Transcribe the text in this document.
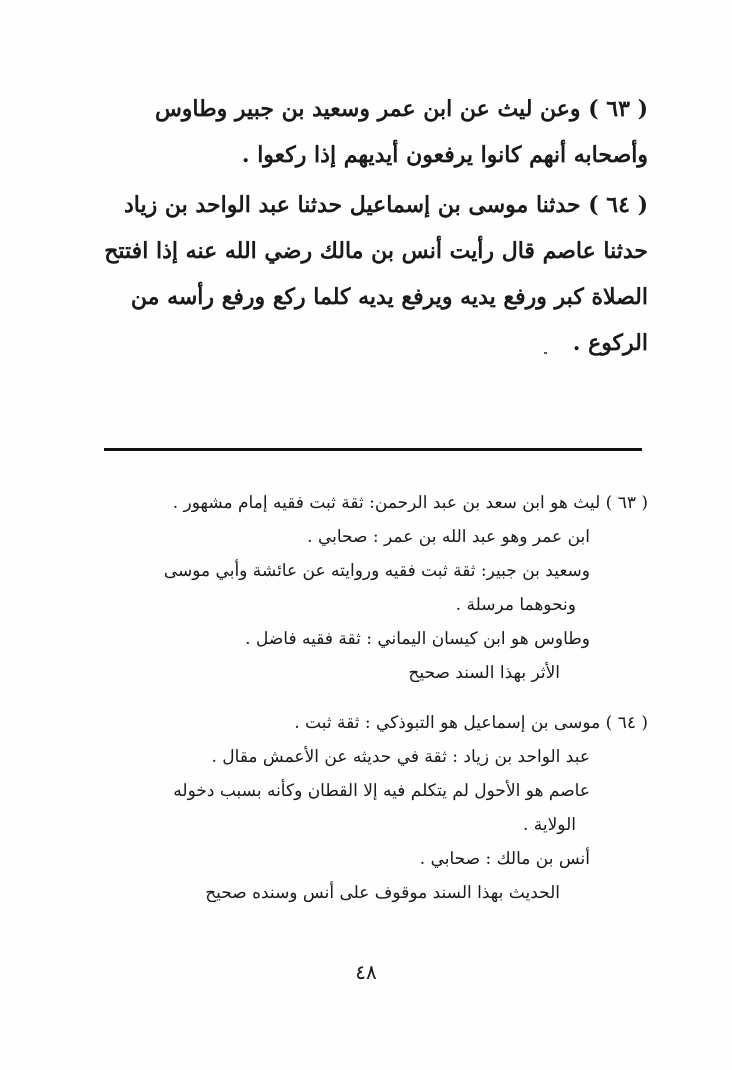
( ٦٣ ) وعن ليث عن ابن عمر وسعيد بن جبير وطاوس
وأصحابه أنهم كانوا يرفعون أيديهم إذا ركعوا .
( ٦٤ ) حدثنا موسى بن إسماعيل حدثنا عبد الواحد بن زياد
حدثنا عاصم قال رأيت أنس بن مالك رضي الله عنه إذا افتتح
الصلاة كبر ورفع يديه ويرفع يديه كلما ركع ورفع رأسه من
الركوع .
( ٦٣ ) ليث هو ابن سعد بن عبد الرحمن: ثقة ثبت فقيه إمام مشهور .
ابن عمر وهو عبد الله بن عمر : صحابي .
وسعيد بن جبير: ثقة ثبت فقيه وروايته عن عائشة وأبي موسى
ونحوهما مرسلة .
وطاوس هو ابن كيسان اليماني : ثقة فقيه فاضل .
الأثر بهذا السند صحيح
( ٦٤ ) موسى بن إسماعيل هو التبوذكي : ثقة ثبت .
عبد الواحد بن زياد : ثقة في حديثه عن الأعمش مقال .
عاصم هو الأحول لم يتكلم فيه إلا القطان وكأنه بسبب دخوله
الولاية .
أنس بن مالك : صحابي .
الحديث بهذا السند موقوف على أنس وسنده صحيح
٤٨
